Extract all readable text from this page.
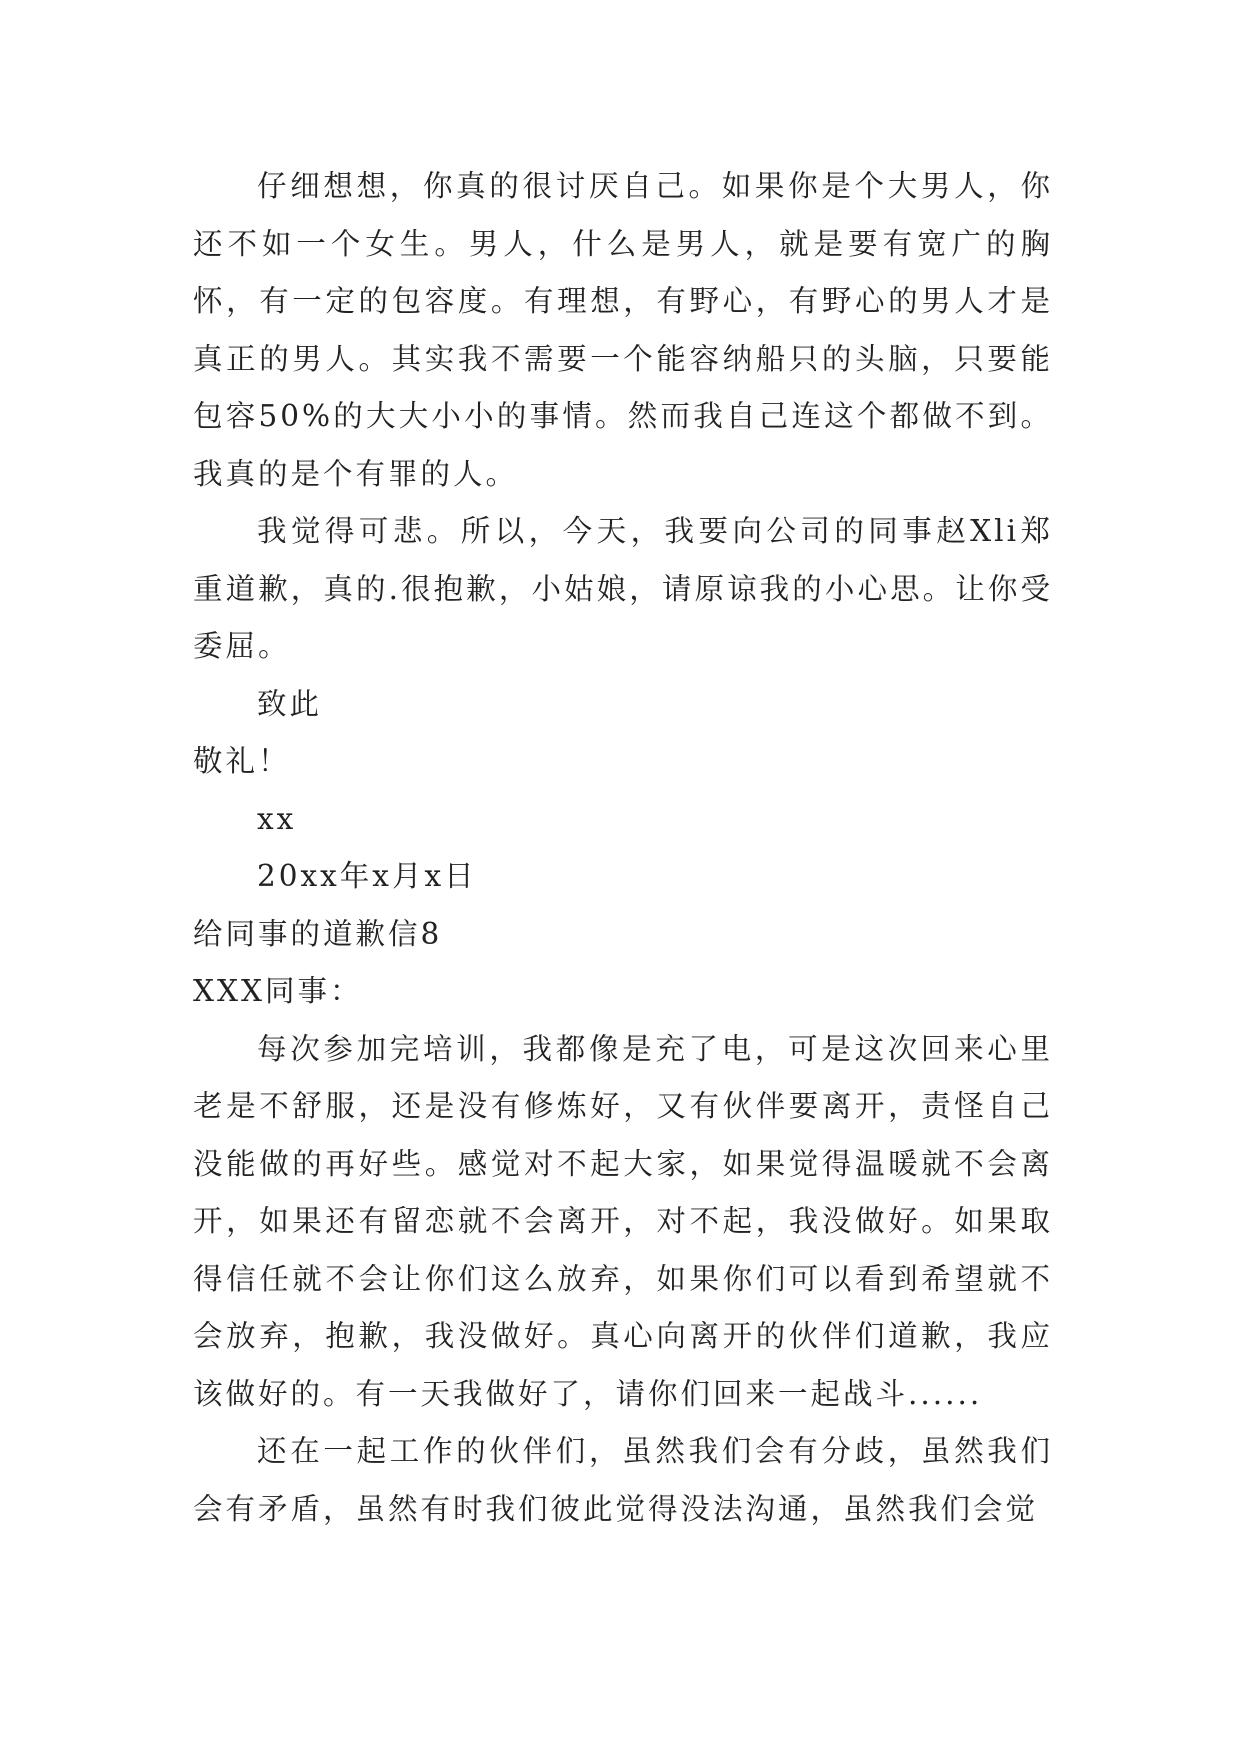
仔细想想，你真的很讨厌自己。如果你是个大男人，你还不如一个女生。男人，什么是男人，就是要有宽广的胸怀，有一定的包容度。有理想，有野心，有野心的男人才是真正的男人。其实我不需要一个能容纳船只的头脑，只要能包容50%的大大小小的事情。然而我自己连这个都做不到。我真的是个有罪的人。

我觉得可悲。所以，今天，我要向公司的同事赵Xli郑重道歉，真的.很抱歉，小姑娘，请原谅我的小心思。让你受委屈。

致此

敬礼！

xx

20xx年x月x日

给同事的道歉信8

XXX同事：

每次参加完培训，我都像是充了电，可是这次回来心里老是不舒服，还是没有修炼好，又有伙伴要离开，责怪自己没能做的再好些。感觉对不起大家，如果觉得温暖就不会离开，如果还有留恋就不会离开，对不起，我没做好。如果取得信任就不会让你们这么放弃，如果你们可以看到希望就不会放弃，抱歉，我没做好。真心向离开的伙伴们道歉，我应该做好的。有一天我做好了，请你们回来一起战斗......

还在一起工作的伙伴们，虽然我们会有分歧，虽然我们会有矛盾，虽然有时我们彼此觉得没法沟通，虽然我们会觉
